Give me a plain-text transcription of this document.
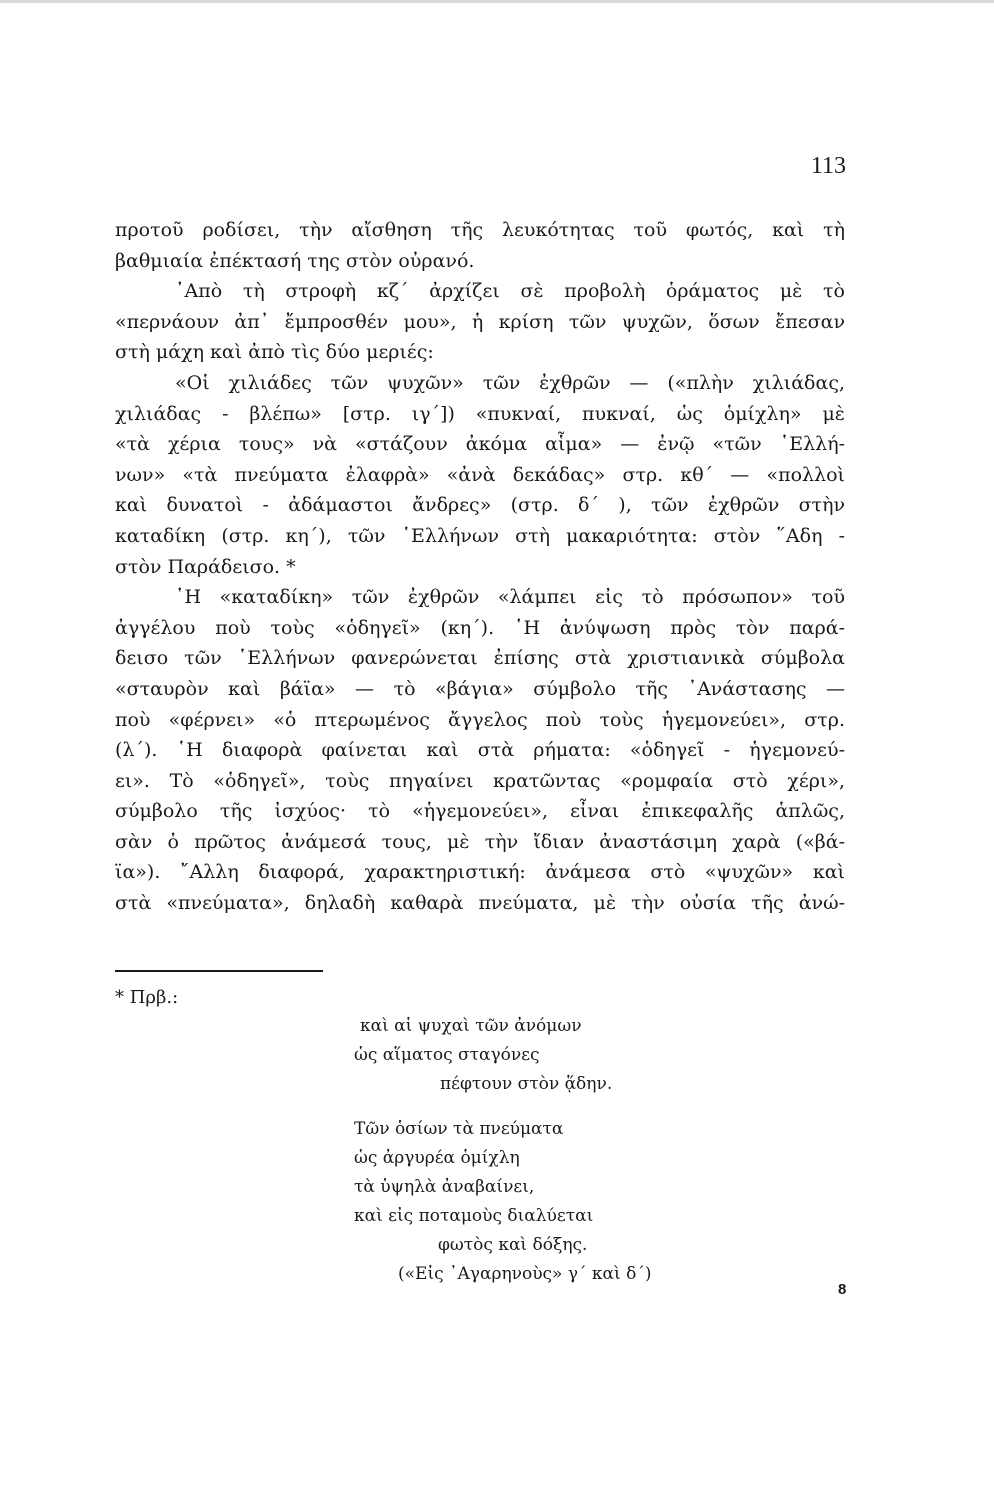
113
προτοῦ ροδίσει, τὴν αἴσθηση τῆς λευκότητας τοῦ φωτός, καὶ τὴ
βαθμιαία ἐπέκτασή της στὸν οὐρανό.
᾿Απὸ τὴ στροφὴ κζ΄ ἀρχίζει σὲ προβολὴ ὁράματος μὲ τὸ
«περνάουν ἀπ᾿ ἔμπροσθέν μου», ἡ κρίση τῶν ψυχῶν, ὅσων ἔπεσαν
στὴ μάχη καὶ ἀπὸ τὶς δύο μεριές:
«Οἱ χιλιάδες τῶν ψυχῶν» τῶν ἐχθρῶν — («πλὴν χιλιάδας,
χιλιάδας - βλέπω» [στρ. ιγ΄]) «πυκναί, πυκναί, ὡς ὁμίχλη» μὲ
«τὰ χέρια τους» νὰ «στάζουν ἀκόμα αἷμα» — ἐνῷ «τῶν ῾Ελλή-
νων» «τὰ πνεύματα ἐλαφρὰ» «ἀνὰ δεκάδας» στρ. κθ΄ — «πολλοὶ
καὶ δυνατοὶ - ἀδάμαστοι ἄνδρες» (στρ. δ΄ ), τῶν ἐχθρῶν στὴν
καταδίκη (στρ. κη΄), τῶν ῾Ελλήνων στὴ μακαριότητα: στὸν ῞Αδη -
στὸν Παράδεισο. *
῾Η «καταδίκη» τῶν ἐχθρῶν «λάμπει εἰς τὸ πρόσωπον» τοῦ
ἀγγέλου ποὺ τοὺς «ὁδηγεῖ» (κη΄). ῾Η ἀνύψωση πρὸς τὸν παρά-
δεισο τῶν ῾Ελλήνων φανερώνεται ἐπίσης στὰ χριστιανικὰ σύμβολα
«σταυρὸν καὶ βάϊα» — τὸ «βάγια» σύμβολο τῆς ᾿Ανάστασης —
ποὺ «φέρνει» «ὁ πτερωμένος ἄγγελος ποὺ τοὺς ἡγεμονεύει», στρ.
(λ΄). ῾Η διαφορὰ φαίνεται καὶ στὰ ρήματα: «ὁδηγεῖ - ἡγεμονεύ-
ει». Τὸ «ὁδηγεῖ», τοὺς πηγαίνει κρατῶντας «ρομφαία στὸ χέρι»,
σύμβολο τῆς ἰσχύος· τὸ «ἡγεμονεύει», εἶναι ἐπικεφαλῆς ἁπλῶς,
σὰν ὁ πρῶτος ἀνάμεσά τους, μὲ τὴν ἴδιαν ἀναστάσιμη χαρὰ («βά-
ϊα»). ῎Αλλη διαφορά, χαρακτηριστική: ἀνάμεσα στὸ «ψυχῶν» καὶ
στὰ «πνεύματα», δηλαδὴ καθαρὰ πνεύματα, μὲ τὴν οὐσία τῆς ἀνώ-
* Πρβ.:
καὶ αἱ ψυχαὶ τῶν ἀνόμων
ὡς αἵματος σταγόνες
πέφτουν στὸν ᾅδην.
Τῶν ὁσίων τὰ πνεύματα
ὡς ἀργυρέα ὁμίχλη
τὰ ὑψηλὰ ἀναβαίνει,
καὶ εἰς ποταμοὺς διαλύεται
φωτὸς καὶ δόξης.
(«Εἰς ᾿Αγαρηνοὺς» γ΄ καὶ δ΄)
8
